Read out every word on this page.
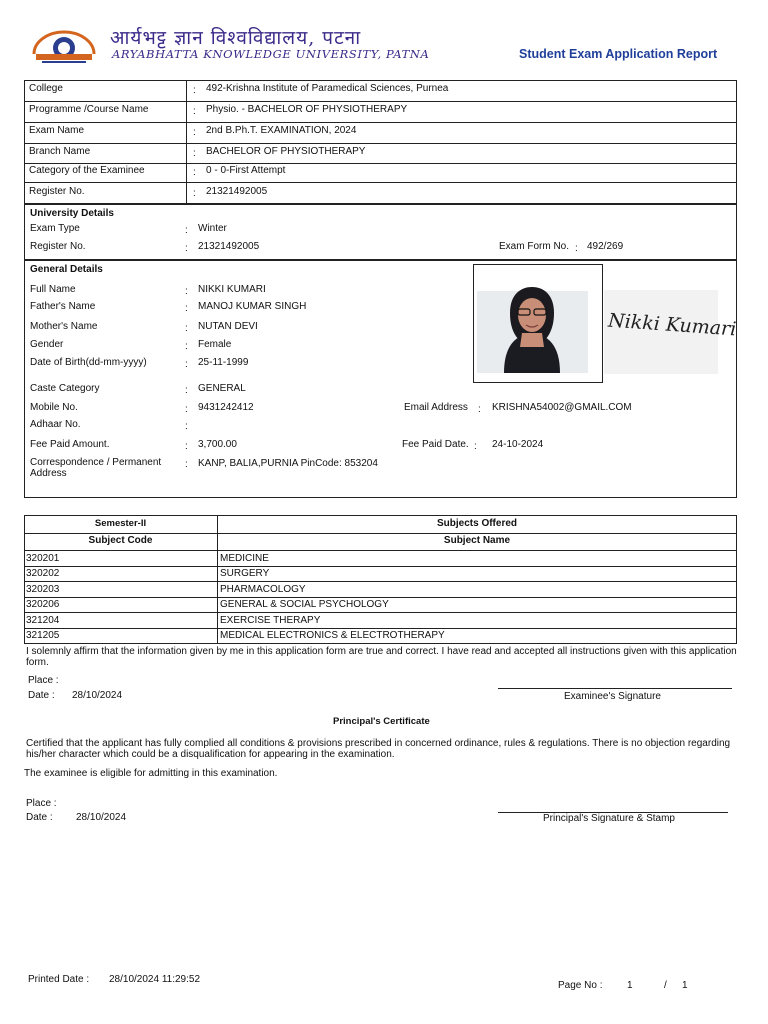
आर्यभट्ट ज्ञान विश्वविद्यालय, पटना
ARYABHATTA KNOWLEDGE UNIVERSITY, PATNA	Student Exam Application Report
College	: 492-Krishna Institute of Paramedical Sciences, Purnea
Programme /Course Name	: Physio. - BACHELOR OF PHYSIOTHERAPY
Exam Name	: 2nd B.Ph.T. EXAMINATION, 2024
Branch Name	: BACHELOR OF PHYSIOTHERAPY
Category of the Examinee	: 0 - 0-First Attempt
Register No.	: 21321492005
University Details
Exam Type	: Winter
Register No.	: 21321492005	Exam Form No. : 492/269
General Details
Full Name	: NIKKI KUMARI
Father's Name	: MANOJ KUMAR SINGH
Mother's Name	: NUTAN DEVI
Gender	: Female
Date of Birth(dd-mm-yyyy)	: 25-11-1999
Caste Category	: GENERAL
Mobile No.	: 9431242412	Email Address : KRISHNA54002@GMAIL.COM
Adhaar No.	:
Fee Paid Amount.	: 3,700.00	Fee Paid Date. : 24-10-2024

Correspondence / Permanent Address

: KANP, BALIA,PURNIA PinCode: 853204
Nikki Kumari
Semester-II	Subjects Offered
Subject Code	Subject Name
320201	MEDICINE
320202	SURGERY
320203	PHARMACOLOGY
320206	GENERAL & SOCIAL PSYCHOLOGY
321204	EXERCISE THERAPY
321205	MEDICAL ELECTRONICS & ELECTROTHERAPY

I solemnly affirm that the information given by me in this application form are true and correct. I have read and accepted all instructions given with this application form.

Place :
Date : 28/10/2024	Examinee's Signature
Principal's Certificate

Certified that the applicant has fully complied all conditions & provisions prescribed in concerned ordinance, rules & regulations. There is no objection regarding his/her character which could be a disqualification for appearing in the examination.

The examinee is eligible for admitting in this examination.
Place :
Date : 28/10/2024	Principal's Signature & Stamp
Printed Date : 28/10/2024 11:29:52
Page No : 1	/ 1
